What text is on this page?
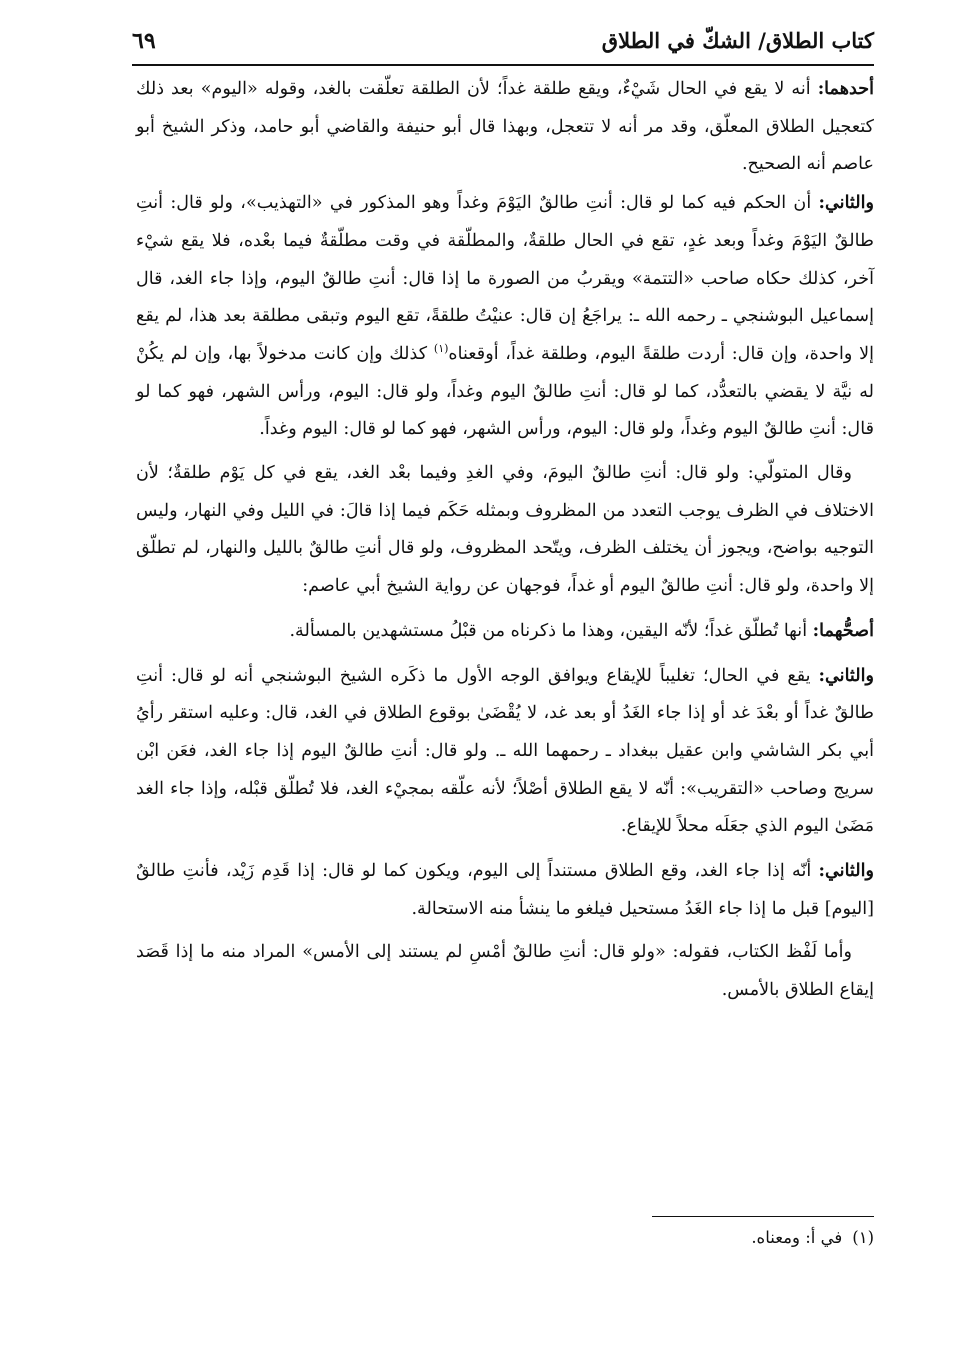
كتاب الطلاق/ الشكّ في الطلاق
٦٩

أحدهما: أنه لا يقع في الحال شَيْءٌ، ويقع طلقة غداً؛ لأن الطلقة تعلّقت بالغد، وقوله «اليوم» بعد ذلك كتعجيل الطلاق المعلّق، وقد مر أنه لا تتعجل، وبهذا قال أبو حنيفة والقاضي أبو حامد، وذكر الشيخ أبو عاصم أنه الصحيح.

والثاني: أن الحكم فيه كما لو قال: أنتِ طالقٌ اليَوْمَ وغداً وهو المذكور في «التهذيب»، ولو قال: أنتِ طالقٌ اليَوْمَ وغداً وبعد غدٍ، تقع في الحال طلقةٌ، والمطلّقة في وقت مطلّقةٌ فيما بعْده، فلا يقع شيْء آخر، كذلك حكاه صاحب «التتمة» ويقربُ من الصورة ما إذا قال: أنتِ طالقٌ اليوم، وإذا جاء الغد، قال إسماعيل البوشنجي ـ رحمه الله ـ: يراجَعُ إن قال: عنيْتُ طلقةً، تقع اليوم وتبقى مطلقة بعد هذا، لم يقع إلا واحدة، وإن قال: أردت طلقةً اليوم، وطلقة غداً، أوقعناه$^{(١)}$ كذلك وإن كانت مدخولاً بها، وإن لم يكُنْ له نيَّة لا يقضي بالتعدُّد، كما لو قال: أنتِ طالقٌ اليوم وغداً، ولو قال: اليوم، ورأس الشهر، فهو كما لو قال: أنتِ طالقٌ اليوم وغداً، ولو قال: اليوم، ورأس الشهر، فهو كما لو قال: اليوم وغداً.

وقال المتولّي: ولو قال: أنتِ طالقٌ اليومَ، وفي الغدِ وفيما بعْد الغد، يقع في كل يَوْم طلقةٌ؛ لأن الاختلاف في الظرف يوجب التعدد من المظروف وبمثله حَكَم فيما إذا قالَ: في الليل وفي النهار، وليس التوجيه بواضح، ويجوز أن يختلف الظرف، ويتّحد المظروف، ولو قال أنتِ طالقٌ بالليل والنهار، لم تطلّق إلا واحدة، ولو قال: أنتِ طالقٌ اليوم أو غداً، فوجهان عن رواية الشيخ أبي عاصم:

أصحُّهما: أنها تُطلّق غداً؛ لأنّه اليقين، وهذا ما ذكرناه من قبْلُ مستشهدين بالمسألة.

والثاني: يقع في الحال؛ تغليباً للإيقاع ويوافق الوجه الأول ما ذكَره الشيخ البوشنجي أنه لو قال: أنتِ طالقٌ غداً أو بعْدَ غد أو إذا جاء الغَدُ أو بعد غد، لا يُقْضَىٰ بوقوع الطلاق في الغد، قال: وعليه استقر رأيُ أبي بكر الشاشي وابن عقيل ببغداد ـ رحمهما الله ـ. ولو قال: أنتِ طالقٌ اليوم إذا جاء الغد، فعَن ابْن سريج وصاحب «التقريب»: أنّه لا يقع الطلاق أصْلاً؛ لأنه علّقه بمجيْء الغد، فلا تُطلّق قبْله، وإذا جاء الغد مَضَىٰ اليوم الذي جعَلَه محلاً للإيقاع.

والثاني: أنّه إذا جاء الغد، وقع الطلاق مستنداً إلى اليوم، ويكون كما لو قال: إذا قَدِم زَيْد، فأنتِ طالقٌ [اليوم] قبل ما إذا جاء الغَدُ مستحيل فيلغو ما ينشأ منه الاستحالة.

وأما لَفْظ الكتاب، فقوله: «ولو قال: أنتِ طالقٌ أمْسِ لم يستند إلى الأمس» المراد منه ما إذا قَصَد إيقاع الطلاق بالأمس.

(١)في أ: ومعناه.
